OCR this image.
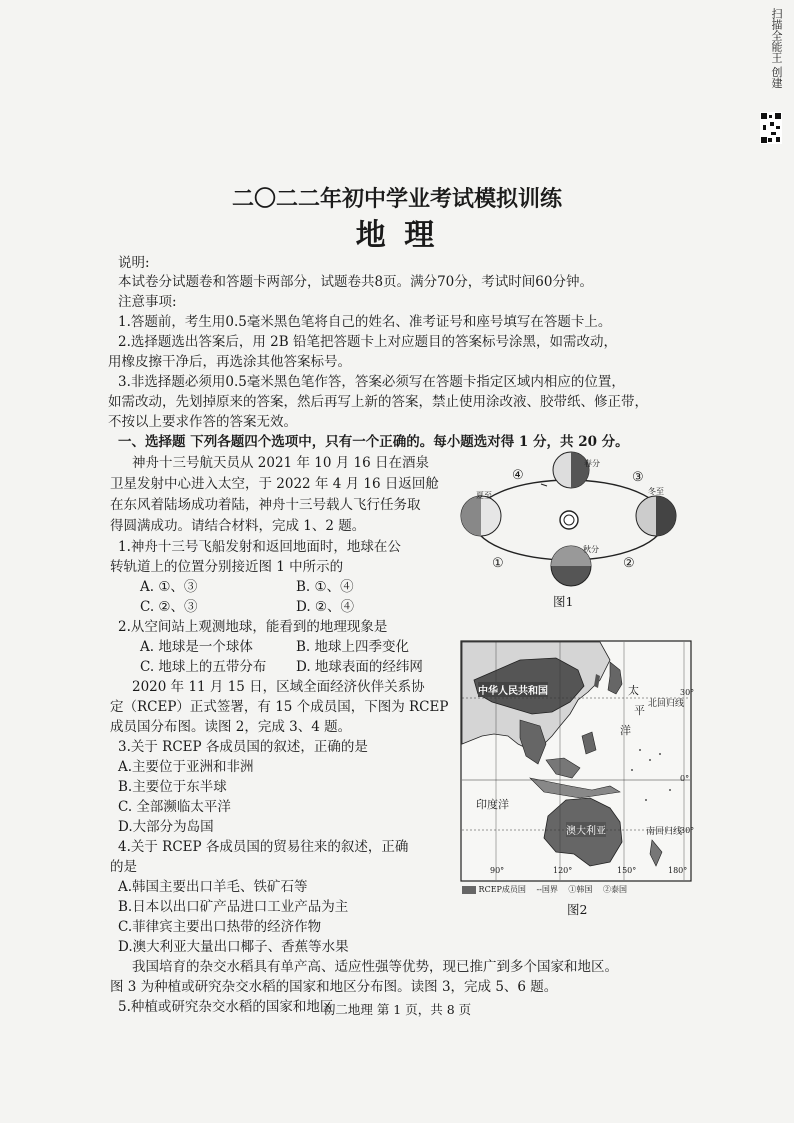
扫描全能王 创建
二〇二二年初中学业考试模拟训练
地 理
说明:
本试卷分试题卷和答题卡两部分，试题卷共8页。满分70分，考试时间60分钟。
注意事项:
1.答题前，考生用0.5毫米黑色笔将自己的姓名、准考证号和座号填写在答题卡上。
2.选择题选出答案后，用 2B 铅笔把答题卡上对应题目的答案标号涂黑，如需改动，
用橡皮擦干净后，再选涂其他答案标号。
3.非选择题必须用0.5毫米黑色笔作答，答案必须写在答题卡指定区域内相应的位置，
如需改动，先划掉原来的答案，然后再写上新的答案，禁止使用涂改液、胶带纸、修正带，
不按以上要求作答的答案无效。
一、选择题 下列各题四个选项中，只有一个正确的。每小题选对得 1 分，共 20 分。
神舟十三号航天员从 2021 年 10 月 16 日在酒泉
卫星发射中心进入太空，于 2022 年 4 月 16 日返回舱
在东风着陆场成功着陆，神舟十三号载人飞行任务取
得圆满成功。请结合材料，完成 1、2 题。
1.神舟十三号飞船发射和返回地面时，地球在公
转轨道上的位置分别接近图 1 中所示的
A. ①、③	B. ①、④
C. ②、③	D. ②、④
2.从空间站上观测地球，能看到的地理现象是
A. 地球是一个球体	B. 地球上四季变化
C. 地球上的五带分布 D. 地球表面的经纬网
2020 年 11 月 15 日，区域全面经济伙伴关系协
定（RCEP）正式签署，有 15 个成员国，下图为 RCEP
成员国分布图。读图 2，完成 3、4 题。
3.关于 RCEP 各成员国的叙述，正确的是
A.主要位于亚洲和非洲
B.主要位于东半球
C. 全部濒临太平洋
D.大部分为岛国
4.关于 RCEP 各成员国的贸易往来的叙述，正确
的是
A.韩国主要出口羊毛、铁矿石等
B.日本以出口矿产品进口工业产品为主
C.菲律宾主要出口热带的经济作物
D.澳大利亚大量出口椰子、香蕉等水果
我国培育的杂交水稻具有单产高、适应性强等优势，现已推广到多个国家和地区。
图 3 为种植或研究杂交水稻的国家和地区分布图。读图 3，完成 5、6 题。
5.种植或研究杂交水稻的国家和地区
④	③
①	②
夏至
春分
秋分
冬至
图1
中华人民共和国	太
平
洋
北回归线
南回归线
印度洋
澳大利亚
30°
0°
30°
90°	120°	150°	180°
RCEP成员国 --国界 ①韩国 ②泰国
图2
初二地理 第 1 页，共 8 页
